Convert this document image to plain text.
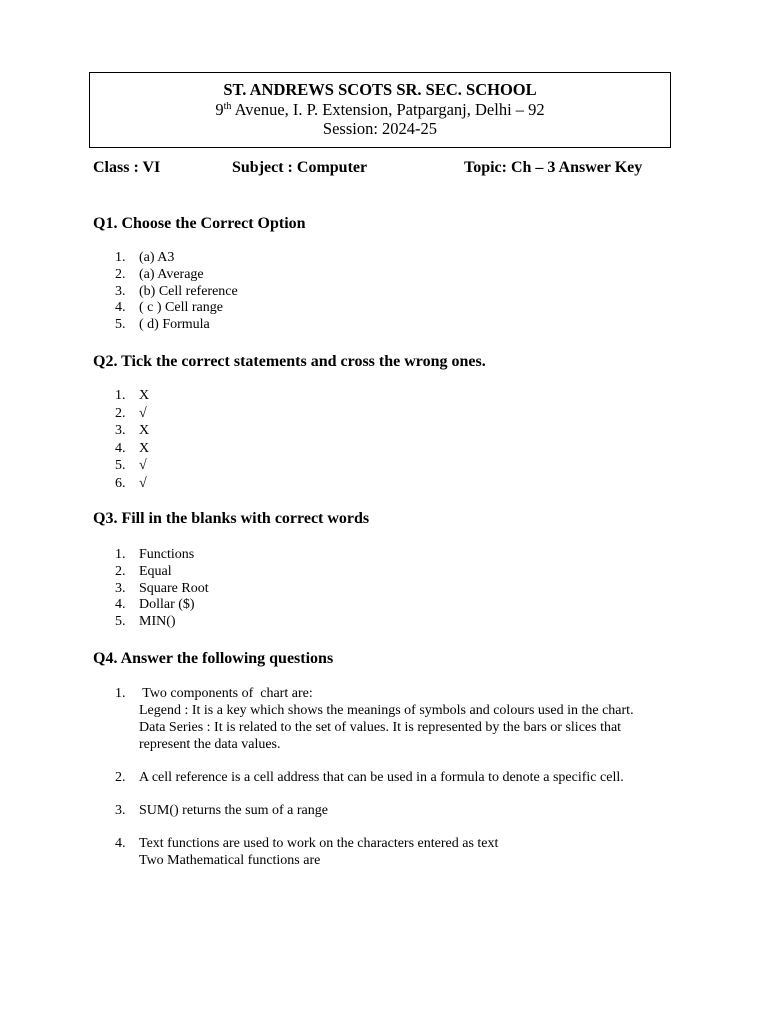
ST. ANDREWS SCOTS SR. SEC. SCHOOL
9th Avenue, I. P. Extension, Patparganj, Delhi – 92
Session: 2024-25
Class : VI	Subject : Computer	Topic: Ch – 3 Answer Key
Q1. Choose the Correct Option
1. (a) A3
2. (a) Average
3. (b) Cell reference
4. ( c ) Cell range
5. ( d) Formula
Q2. Tick the correct statements and cross the wrong ones.
1. X
2. √
3. X
4. X
5. √
6. √
Q3. Fill in the blanks with correct words
1. Functions
2. Equal
3. Square Root
4. Dollar ($)
5. MIN()
Q4. Answer the following questions
1. Two components of  chart are:

Legend : It is a key which shows the meanings of symbols and colours used in the chart.

Data Series : It is related to the set of values. It is represented by the bars or slices that represent the data values.

2. A cell reference is a cell address that can be used in a formula to denote a specific cell.

3. SUM() returns the sum of a range

4. Text functions are used to work on the characters entered as text

Two Mathematical functions are
